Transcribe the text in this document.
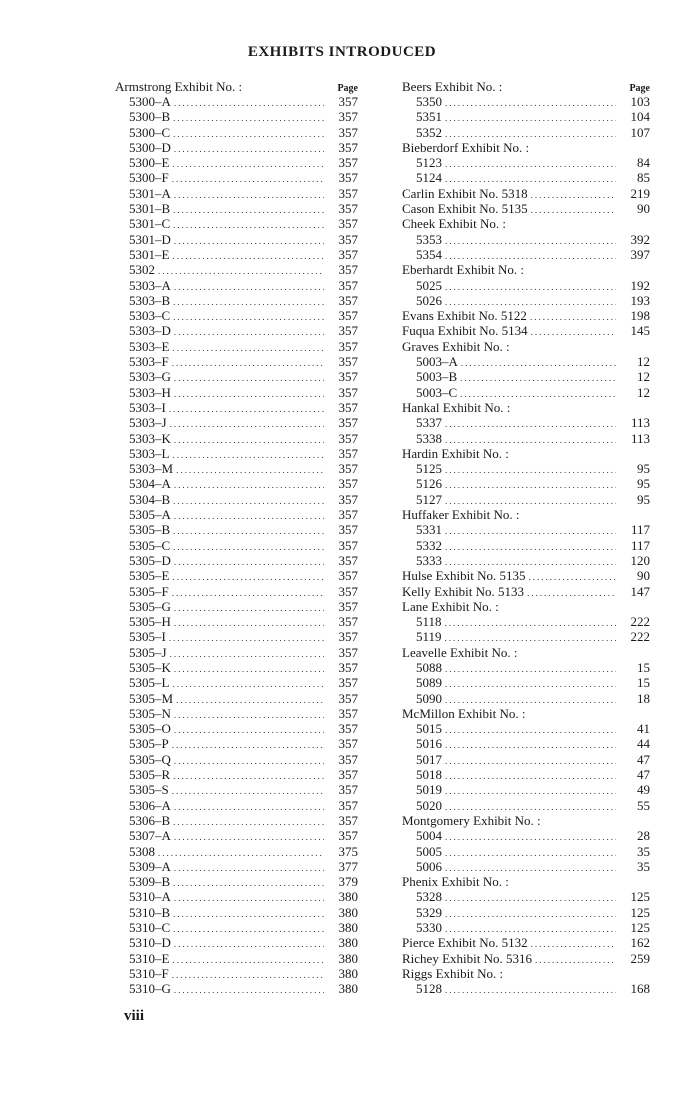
EXHIBITS INTRODUCED
Armstrong Exhibit No. :	Page
5300–A .....	357
5300–B .....	357
5300–C .....	357
5300–D .....	357
5300–E .....	357
5300–F .....	357
5301–A .....	357
5301–B .....	357
5301–C .....	357
5301–D .....	357
5301–E .....	357
5302 .....	357
5303–A .....	357
5303–B .....	357
5303–C .....	357
5303–D .....	357
5303–E .....	357
5303–F .....	357
5303–G .....	357
5303–H .....	357
5303–I .....	357
5303–J .....	357
5303–K .....	357
5303–L .....	357
5303–M .....	357
5304–A .....	357
5304–B .....	357
5305–A .....	357
5305–B .....	357
5305–C .....	357
5305–D .....	357
5305–E .....	357
5305–F .....	357
5305–G .....	357
5305–H .....	357
5305–I .....	357
5305–J .....	357
5305–K .....	357
5305–L .....	357
5305–M .....	357
5305–N .....	357
5305–O .....	357
5305–P .....	357
5305–Q .....	357
5305–R .....	357
5305–S .....	357
5306–A .....	357
5306–B .....	357
5307–A .....	357
5308 .....	375
5309–A .....	377
5309–B .....	379
5310–A .....	380
5310–B .....	380
5310–C .....	380
5310–D .....	380
5310–E .....	380
5310–F .....	380
5310–G .....	380
Beers Exhibit No. :	Page
5350 .....	103
5351 .....	104
5352 .....	107
Bieberdorf Exhibit No. :
5123 .....	84
5124 .....	85
Carlin Exhibit No. 5318 .....	219
Cason Exhibit No. 5135 .....	90
Cheek Exhibit No. :
5353 .....	392
5354 .....	397
Eberhardt Exhibit No. :
5025 .....	192
5026 .....	193
Evans Exhibit No. 5122 .....	198
Fuqua Exhibit No. 5134 .....	145
Graves Exhibit No. :
5003–A .....	12
5003–B .....	12
5003–C .....	12
Hankal Exhibit No. :
5337 .....	113
5338 .....	113
Hardin Exhibit No. :
5125 .....	95
5126 .....	95
5127 .....	95
Huffaker Exhibit No. :
5331 .....	117
5332 .....	117
5333 .....	120
Hulse Exhibit No. 5135 .....	90
Kelly Exhibit No. 5133 .....	147
Lane Exhibit No. :
5118 .....	222
5119 .....	222
Leavelle Exhibit No. :
5088 .....	15
5089 .....	15
5090 .....	18
McMillon Exhibit No. :
5015 .....	41
5016 .....	44
5017 .....	47
5018 .....	47
5019 .....	49
5020 .....	55
Montgomery Exhibit No. :
5004 .....	28
5005 .....	35
5006 .....	35
Phenix Exhibit No. :
5328 .....	125
5329 .....	125
5330 .....	125
Pierce Exhibit No. 5132 .....	162
Richey Exhibit No. 5316 .....	259
Riggs Exhibit No. :
5128 .....	168
viii
